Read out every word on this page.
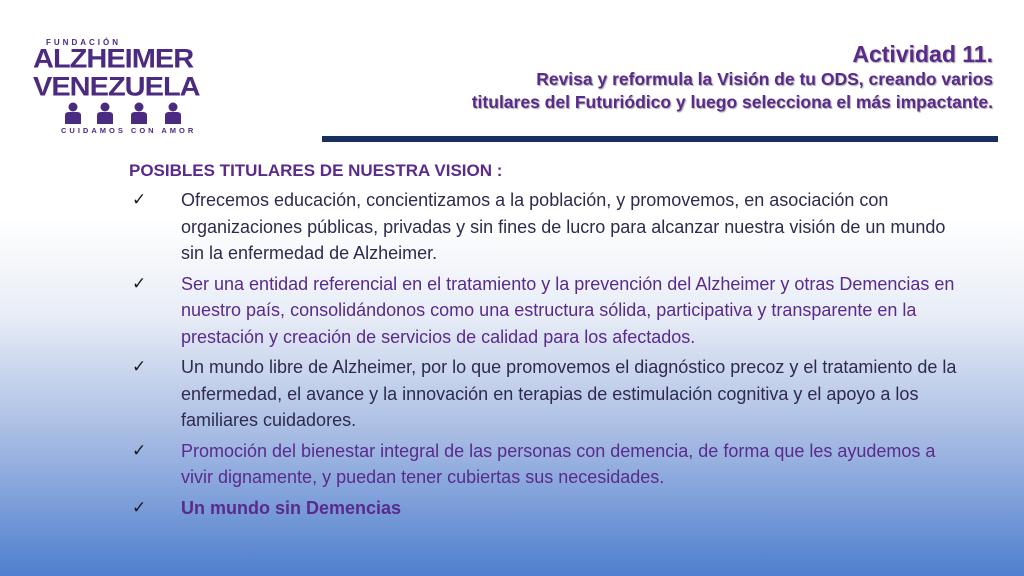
FUNDACIÓN
ALZHEIMER
VENEZUELA
CUIDAMOS CON AMOR
Actividad 11.
Revisa y reformula la Visión de tu ODS, creando varios
titulares del Futuriódico y luego selecciona el más impactante.
POSIBLES TITULARES DE NUESTRA VISION :
✓	Ofrecemos educación, concientizamos a la población, y promovemos, en asociación con organizaciones públicas, privadas y sin fines de lucro para alcanzar nuestra visión de un mundo sin la enfermedad de Alzheimer.
✓	Ser una entidad referencial en el tratamiento y la prevención del Alzheimer y otras Demencias en nuestro país, consolidándonos como una estructura sólida, participativa y transparente en la prestación y creación de servicios de calidad para los afectados.
✓	Un mundo libre de Alzheimer, por lo que promovemos el diagnóstico precoz y el tratamiento de la enfermedad, el avance y la innovación en terapias de estimulación cognitiva y el apoyo a los familiares cuidadores.
✓	Promoción del bienestar integral de las personas con demencia, de forma que les ayudemos a vivir dignamente, y puedan tener cubiertas sus necesidades.
✓	Un mundo sin Demencias
